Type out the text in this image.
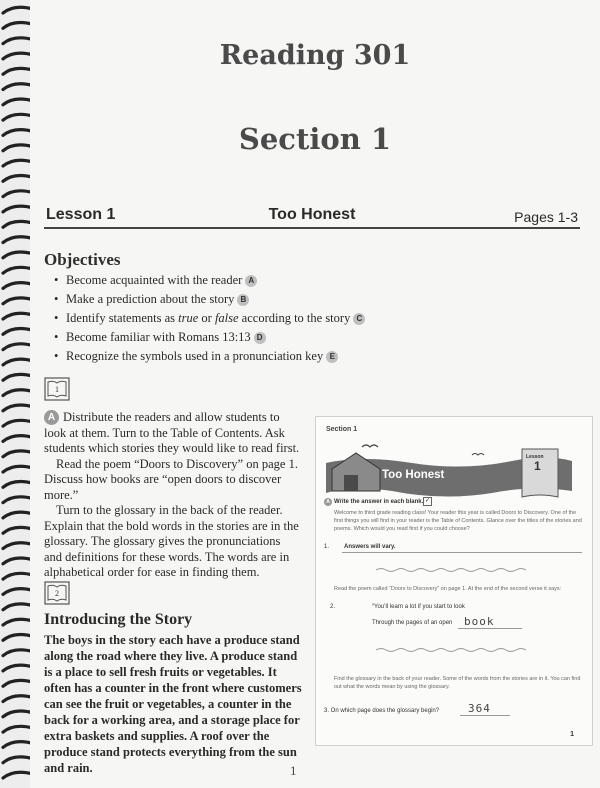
Reading 301
Section 1
Lesson 1	Too Honest	Pages 1-3
Objectives
• Become acquainted with the reader A
• Make a prediction about the story B
• Identify statements as true or false according to the story C
• Become familiar with Romans 13:13 D
• Recognize the symbols used in a pronunciation key E
1

A Distribute the readers and allow students to look at them. Turn to the Table of Contents. Ask students which stories they would like to read first.

Read the poem “Doors to Discovery” on page 1. Discuss how books are “open doors to discover more.”

Turn to the glossary in the back of the reader. Explain that the bold words in the stories are in the glossary. The glossary gives the pronunciations and definitions for these words. The words are in alphabetical order for ease in finding them.

2
Introducing the Story

The boys in the story each have a produce stand along the road where they live. A produce stand is a place to sell fresh fruits or vegetables. It often has a counter in the front where customers can see the fruit or vegetables, a counter in the back for a working area, and a storage place for extra baskets and supplies. A roof over the produce stand protects everything from the sun and rain.

Section 1
Too Honest
Lesson
1
A Write the answer in each blank. ✓

Welcome to third grade reading class! Your reader this year is called Doors to Discovery. One of the first things you will find in your reader is the Table of Contents. Glance over the titles of the stories and poems. Which would you read first if you could choose?

1. Answers will vary.

Read the poem called “Doors to Discovery” on page 1. At the end of the second verse it says:

2.	“You’ll learn a lot if you start to look
Through the pages of an open book

Find the glossary in the back of your reader. Some of the words from the stories are in it. You can find out what the words mean by using the glossary.

3. On which page does the glossary begin?	364
1
1
